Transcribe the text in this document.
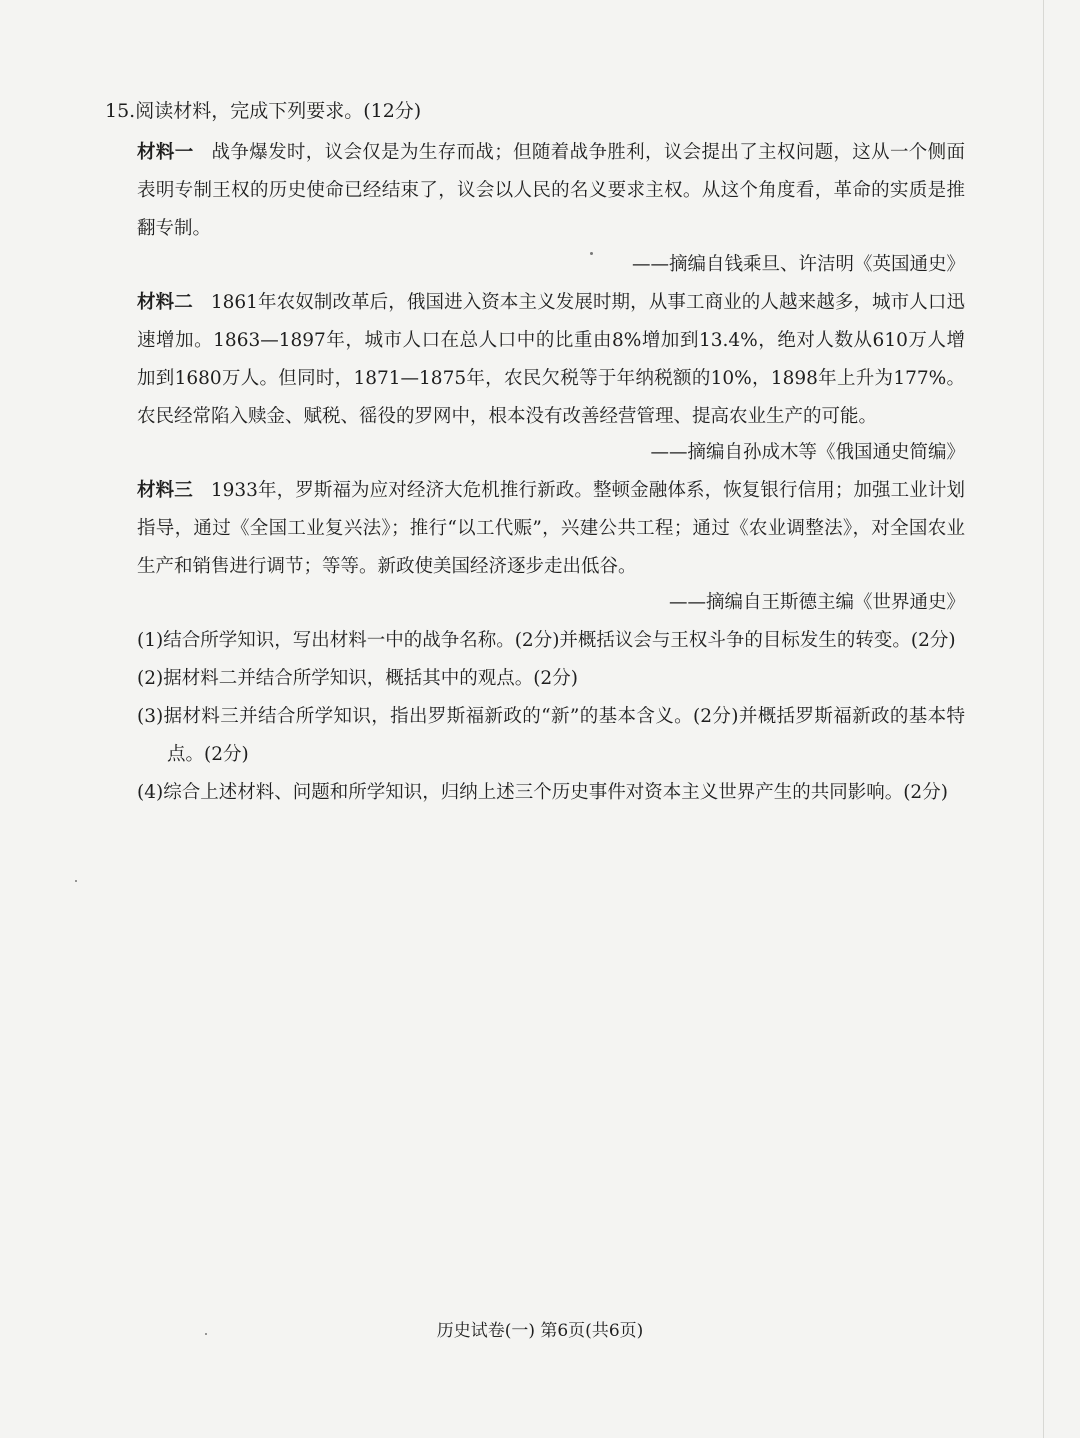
15.阅读材料，完成下列要求。(12分)

材料一 战争爆发时，议会仅是为生存而战；但随着战争胜利，议会提出了主权问题，这从一个侧面表明专制王权的历史使命已经结束了，议会以人民的名义要求主权。从这个角度看，革命的实质是推翻专制。

——摘编自钱乘旦、许洁明《英国通史》

材料二 1861年农奴制改革后，俄国进入资本主义发展时期，从事工商业的人越来越多，城市人口迅速增加。1863—1897年，城市人口在总人口中的比重由8%增加到13.4%，绝对人数从610万人增加到1680万人。但同时，1871—1875年，农民欠税等于年纳税额的10%，1898年上升为177%。农民经常陷入赎金、赋税、徭役的罗网中，根本没有改善经营管理、提高农业生产的可能。

——摘编自孙成木等《俄国通史简编》

材料三 1933年，罗斯福为应对经济大危机推行新政。整顿金融体系，恢复银行信用；加强工业计划指导，通过《全国工业复兴法》；推行“以工代赈”，兴建公共工程；通过《农业调整法》，对全国农业生产和销售进行调节；等等。新政使美国经济逐步走出低谷。

——摘编自王斯德主编《世界通史》

(1)结合所学知识，写出材料一中的战争名称。(2分)并概括议会与王权斗争的目标发生的转变。(2分)

(2)据材料二并结合所学知识，概括其中的观点。(2分)

(3)据材料三并结合所学知识，指出罗斯福新政的“新”的基本含义。(2分)并概括罗斯福新政的基本特点。(2分)

(4)综合上述材料、问题和所学知识，归纳上述三个历史事件对资本主义世界产生的共同影响。(2分)

历史试卷(一) 第6页(共6页)
